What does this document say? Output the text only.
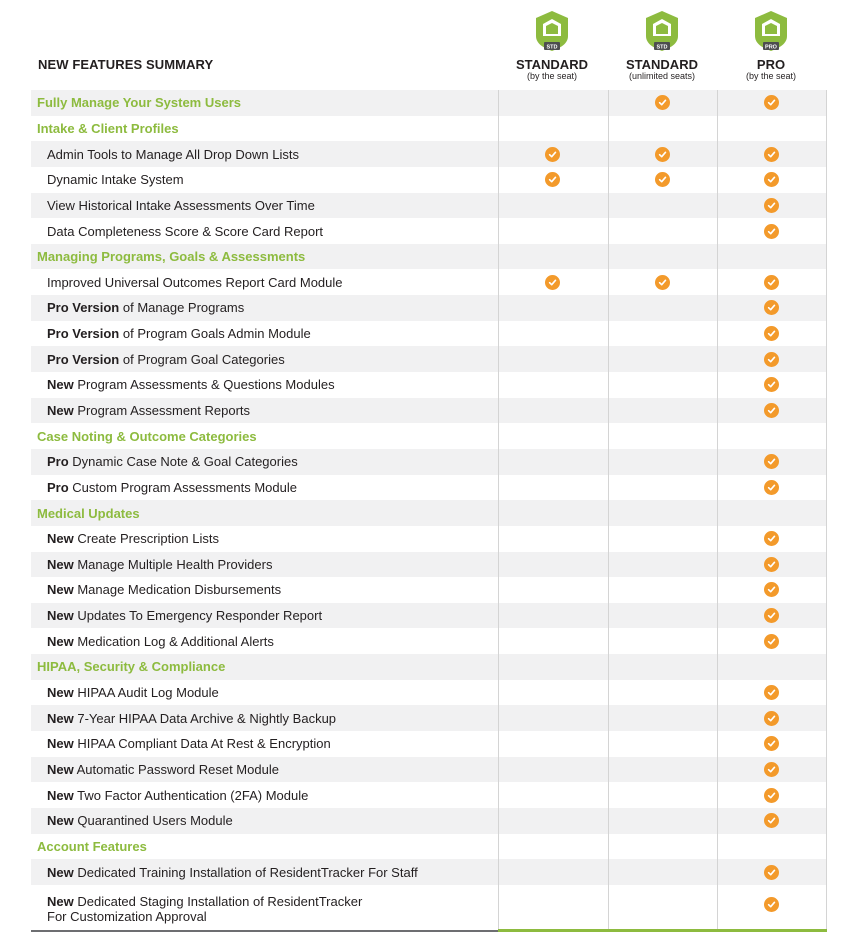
NEW FEATURES SUMMARY
STD
STANDARD
(by the seat)
STD
STANDARD
(unlimited seats)
PRO
PRO
(by the seat)
Fully Manage Your System Users
Intake & Client Profiles
Admin Tools to Manage All Drop Down Lists
Dynamic Intake System
View Historical Intake Assessments Over Time
Data Completeness Score & Score Card Report
Managing Programs, Goals & Assessments
Improved Universal Outcomes Report Card Module
Pro Version of Manage Programs
Pro Version of Program Goals Admin Module
Pro Version of Program Goal Categories
New Program Assessments & Questions Modules
New Program Assessment Reports
Case Noting & Outcome Categories
Pro Dynamic Case Note & Goal Categories
Pro Custom Program Assessments Module
Medical Updates
New Create Prescription Lists
New Manage Multiple Health Providers
New Manage Medication Disbursements
New Updates To Emergency Responder Report
New Medication Log & Additional Alerts
HIPAA, Security & Compliance
New HIPAA Audit Log Module
New 7-Year HIPAA Data Archive & Nightly Backup
New HIPAA Compliant Data At Rest & Encryption
New Automatic Password Reset Module
New Two Factor Authentication (2FA) Module
New Quarantined Users Module
Account Features
New Dedicated Training Installation of ResidentTracker For Staff
New Dedicated Staging Installation of ResidentTracker
For Customization Approval
